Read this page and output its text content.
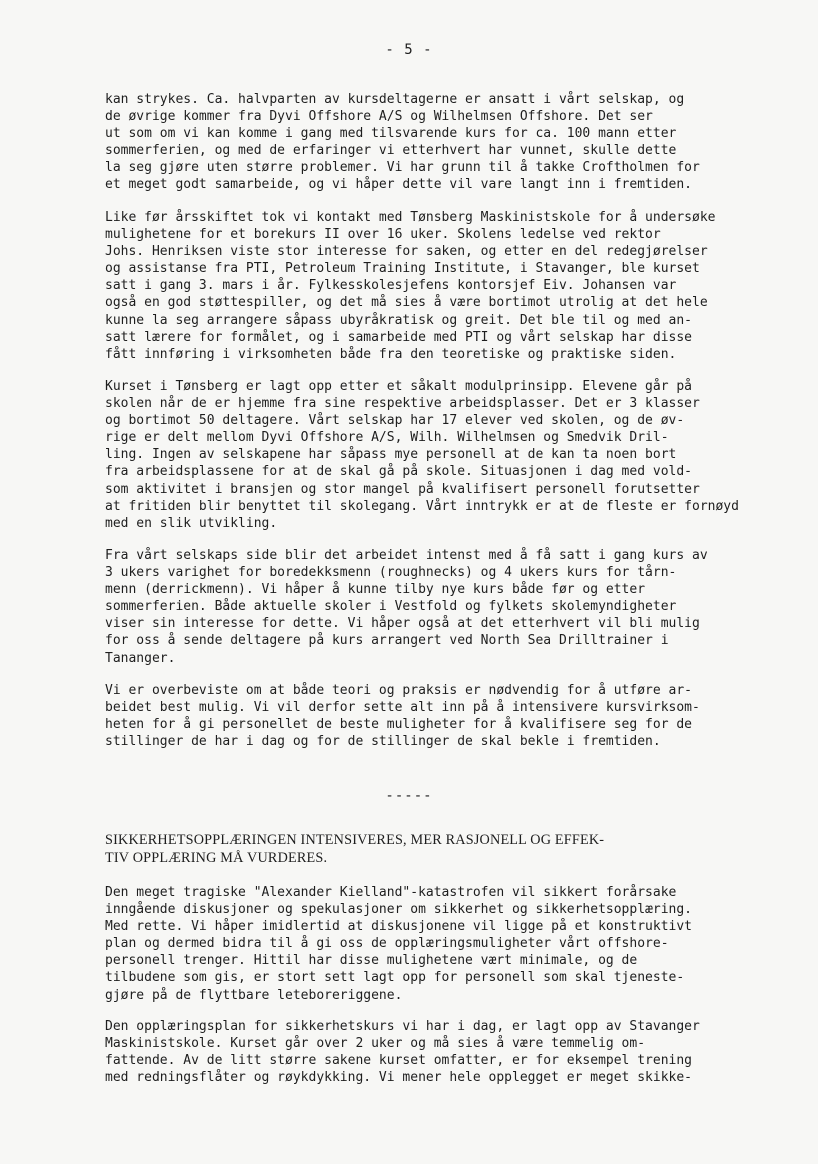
- 5 -
kan strykes. Ca. halvparten av kursdeltagerne er ansatt i vårt selskap, og
de øvrige kommer fra Dyvi Offshore A/S og Wilhelmsen Offshore. Det ser
ut som om vi kan komme i gang med tilsvarende kurs for ca. 100 mann etter
sommerferien, og med de erfaringer vi etterhvert har vunnet, skulle dette
la seg gjøre uten større problemer. Vi har grunn til å takke Croftholmen for
et meget godt samarbeide, og vi håper dette vil vare langt inn i fremtiden.
Like før årsskiftet tok vi kontakt med Tønsberg Maskinistskole for å undersøke
mulighetene for et borekurs II over 16 uker. Skolens ledelse ved rektor
Johs. Henriksen viste stor interesse for saken, og etter en del redegjørelser
og assistanse fra PTI, Petroleum Training Institute, i Stavanger, ble kurset
satt i gang 3. mars i år. Fylkesskolesjefens kontorsjef Eiv. Johansen var
også en god støttespiller, og det må sies å være bortimot utrolig at det hele
kunne la seg arrangere såpass ubyråkratisk og greit. Det ble til og med an-
satt lærere for formålet, og i samarbeide med PTI og vårt selskap har disse
fått innføring i virksomheten både fra den teoretiske og praktiske siden.
Kurset i Tønsberg er lagt opp etter et såkalt modulprinsipp. Elevene går på
skolen når de er hjemme fra sine respektive arbeidsplasser. Det er 3 klasser
og bortimot 50 deltagere. Vårt selskap har 17 elever ved skolen, og de øv-
rige er delt mellom Dyvi Offshore A/S, Wilh. Wilhelmsen og Smedvik Dril-
ling. Ingen av selskapene har såpass mye personell at de kan ta noen bort
fra arbeidsplassene for at de skal gå på skole. Situasjonen i dag med vold-
som aktivitet i bransjen og stor mangel på kvalifisert personell forutsetter
at fritiden blir benyttet til skolegang. Vårt inntrykk er at de fleste er fornøyd
med en slik utvikling.
Fra vårt selskaps side blir det arbeidet intenst med å få satt i gang kurs av
3 ukers varighet for boredekksmenn (roughnecks) og 4 ukers kurs for tårn-
menn (derrickmenn). Vi håper å kunne tilby nye kurs både før og etter
sommerferien. Både aktuelle skoler i Vestfold og fylkets skolemyndigheter
viser sin interesse for dette. Vi håper også at det etterhvert vil bli mulig
for oss å sende deltagere på kurs arrangert ved North Sea Drilltrainer i
Tananger.
Vi er overbeviste om at både teori og praksis er nødvendig for å utføre ar-
beidet best mulig. Vi vil derfor sette alt inn på å intensivere kursvirksom-
heten for å gi personellet de beste muligheter for å kvalifisere seg for de
stillinger de har i dag og for de stillinger de skal bekle i fremtiden.
-----
SIKKERHETSOPPLÆRINGEN INTENSIVERES, MER RASJONELL OG EFFEK-
TIV OPPLÆRING MÅ VURDERES.
Den meget tragiske "Alexander Kielland"-katastrofen vil sikkert forårsake
inngående diskusjoner og spekulasjoner om sikkerhet og sikkerhetsopplæring.
Med rette. Vi håper imidlertid at diskusjonene vil ligge på et konstruktivt
plan og dermed bidra til å gi oss de opplæringsmuligheter vårt offshore-
personell trenger. Hittil har disse mulighetene vært minimale, og de
tilbudene som gis, er stort sett lagt opp for personell som skal tjeneste-
gjøre på de flyttbare leteboreriggene.
Den opplæringsplan for sikkerhetskurs vi har i dag, er lagt opp av Stavanger
Maskinistskole. Kurset går over 2 uker og må sies å være temmelig om-
fattende. Av de litt større sakene kurset omfatter, er for eksempel trening
med redningsflåter og røykdykking. Vi mener hele opplegget er meget skikke-
